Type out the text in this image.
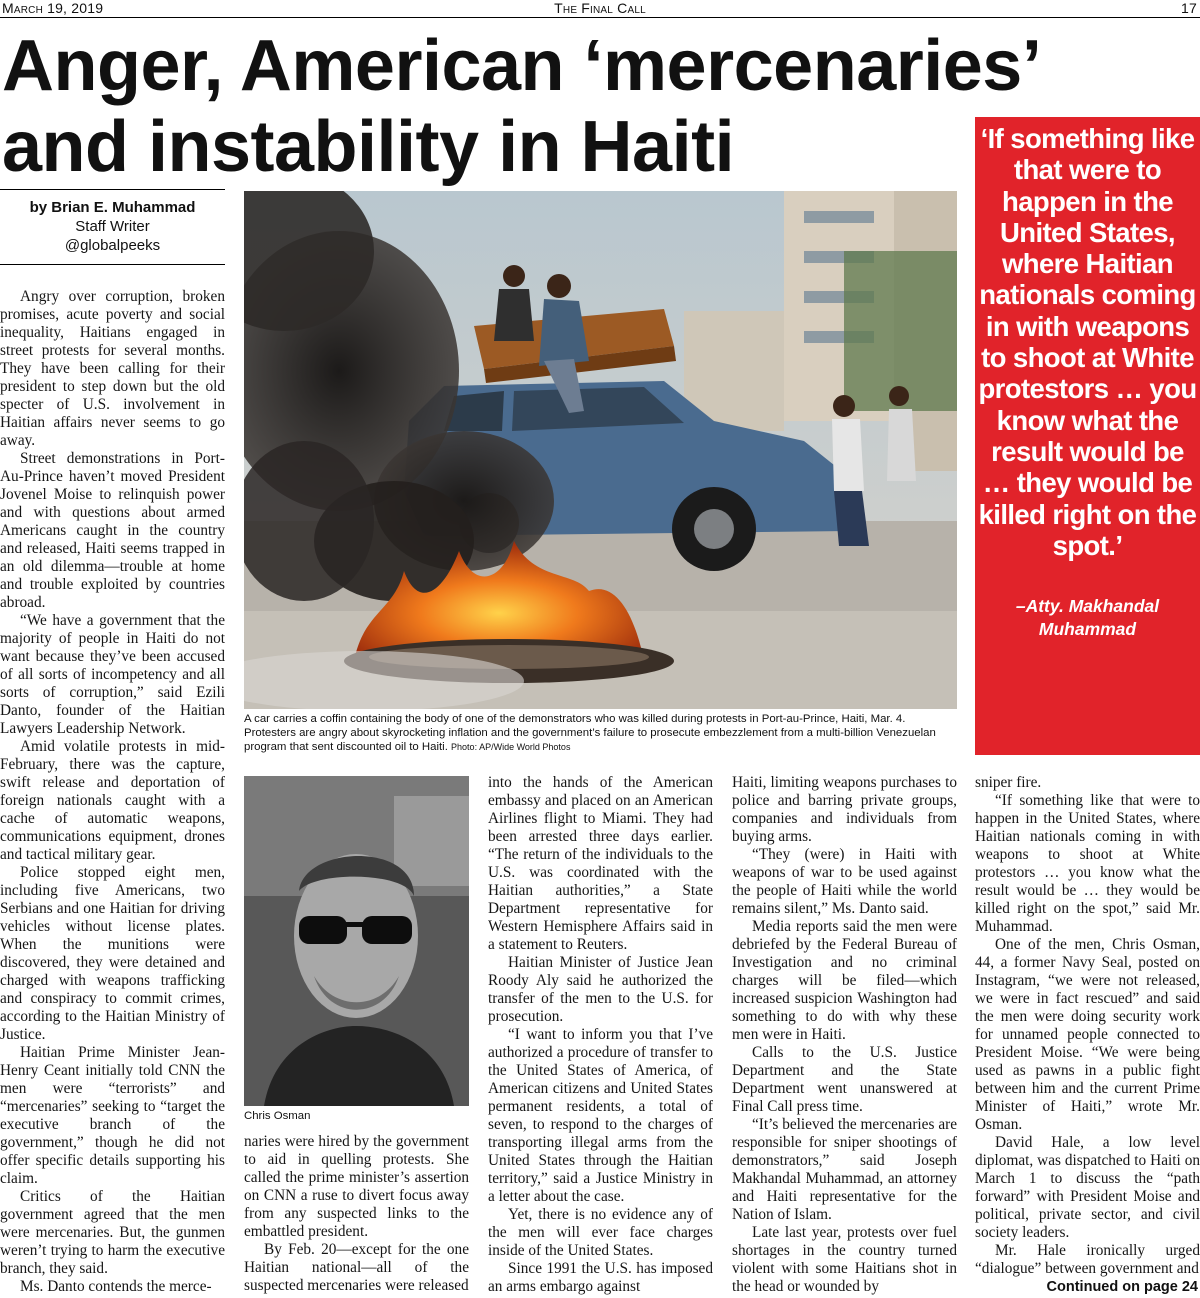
March 19, 2019	The Final Call	17
Anger, American ‘mercenaries’
and instability in Haiti
by Brian E. Muhammad
Staff Writer
@globalpeeks

Angry over corruption, broken promises, acute poverty and social inequality, Haitians engaged in street protests for several months. They have been calling for their president to step down but the old specter of U.S. involvement in Haitian affairs never seems to go away.

Street demonstrations in Port-Au-Prince haven’t moved President Jovenel Moise to relinquish power and with questions about armed Americans caught in the country and released, Haiti seems trapped in an old dilemma—trouble at home and trouble exploited by countries abroad.

“We have a government that the majority of people in Haiti do not want because they’ve been accused of all sorts of incompetency and all sorts of corruption,” said Ezili Danto, founder of the Haitian Lawyers Leadership Network.

Amid volatile protests in mid-February, there was the capture, swift release and deportation of foreign nationals caught with a cache of automatic weapons, communications equipment, drones and tactical military gear.

Police stopped eight men, including five Americans, two Serbians and one Haitian for driving vehicles without license plates. When the munitions were discovered, they were detained and charged with weapons trafficking and conspiracy to commit crimes, according to the Haitian Ministry of Justice.

Haitian Prime Minister Jean-Henry Ceant initially told CNN the men were “terrorists” and “mercenaries” seeking to “target the executive branch of the government,” though he did not offer specific details supporting his claim.

Critics of the Haitian government agreed that the men were mercenaries. But, the gunmen weren’t trying to harm the executive branch, they said.

Ms. Danto contends the merce-

A car carries a coffin containing the body of one of the demonstrators who was killed during protests in Port-au-Prince, Haiti, Mar. 4. Protesters are angry about skyrocketing inflation and the government’s failure to prosecute embezzlement from a multi-billion Venezuelan program that sent discounted oil to Haiti. Photo: AP/Wide World Photos
‘If something like that were to happen in the United States, where Haitian nationals coming in with weapons to shoot at White protestors … you know what the result would be … they would be killed right on the spot.’
–Atty. Makhandal
Muhammad
Chris Osman

naries were hired by the government to aid in quelling protests. She called the prime minister’s assertion on CNN a ruse to divert focus away from any suspected links to the embattled president.

By Feb. 20—except for the one Haitian national—all of the suspected mercenaries were released

into the hands of the American embassy and placed on an American Airlines flight to Miami. They had been arrested three days earlier. “The return of the individuals to the U.S. was coordinated with the Haitian authorities,” a State Department representative for Western Hemisphere Affairs said in a statement to Reuters.

Haitian Minister of Justice Jean Roody Aly said he authorized the transfer of the men to the U.S. for prosecution.

“I want to inform you that I’ve authorized a procedure of transfer to the United States of America, of American citizens and United States permanent residents, a total of seven, to respond to the charges of transporting illegal arms from the United States through the Haitian territory,” said a Justice Ministry in a letter about the case.

Yet, there is no evidence any of the men will ever face charges inside of the United States.

Since 1991 the U.S. has imposed an arms embargo against

Haiti, limiting weapons purchases to police and barring private groups, companies and individuals from buying arms.

“They (were) in Haiti with weapons of war to be used against the people of Haiti while the world remains silent,” Ms. Danto said.

Media reports said the men were debriefed by the Federal Bureau of Investigation and no criminal charges will be filed—which increased suspicion Washington had something to do with why these men were in Haiti.

Calls to the U.S. Justice Department and the State Department went unanswered at Final Call press time.

“It’s believed the mercenaries are responsible for sniper shootings of demonstrators,” said Joseph Makhandal Muhammad, an attorney and Haiti representative for the Nation of Islam.

Late last year, protests over fuel shortages in the country turned violent with some Haitians shot in the head or wounded by

sniper fire.

“If something like that were to happen in the United States, where Haitian nationals coming in with weapons to shoot at White protestors … you know what the result would be … they would be killed right on the spot,” said Mr. Muhammad.

One of the men, Chris Osman, 44, a former Navy Seal, posted on Instagram, “we were not released, we were in fact rescued” and said the men were doing security work for unnamed people connected to President Moise. “We were being used as pawns in a public fight between him and the current Prime Minister of Haiti,” wrote Mr. Osman.

David Hale, a low level diplomat, was dispatched to Haiti on March 1 to discuss the “path forward” with President Moise and political, private sector, and civil society leaders.

Mr. Hale ironically urged “dialogue” between government and

Continued on page 24
